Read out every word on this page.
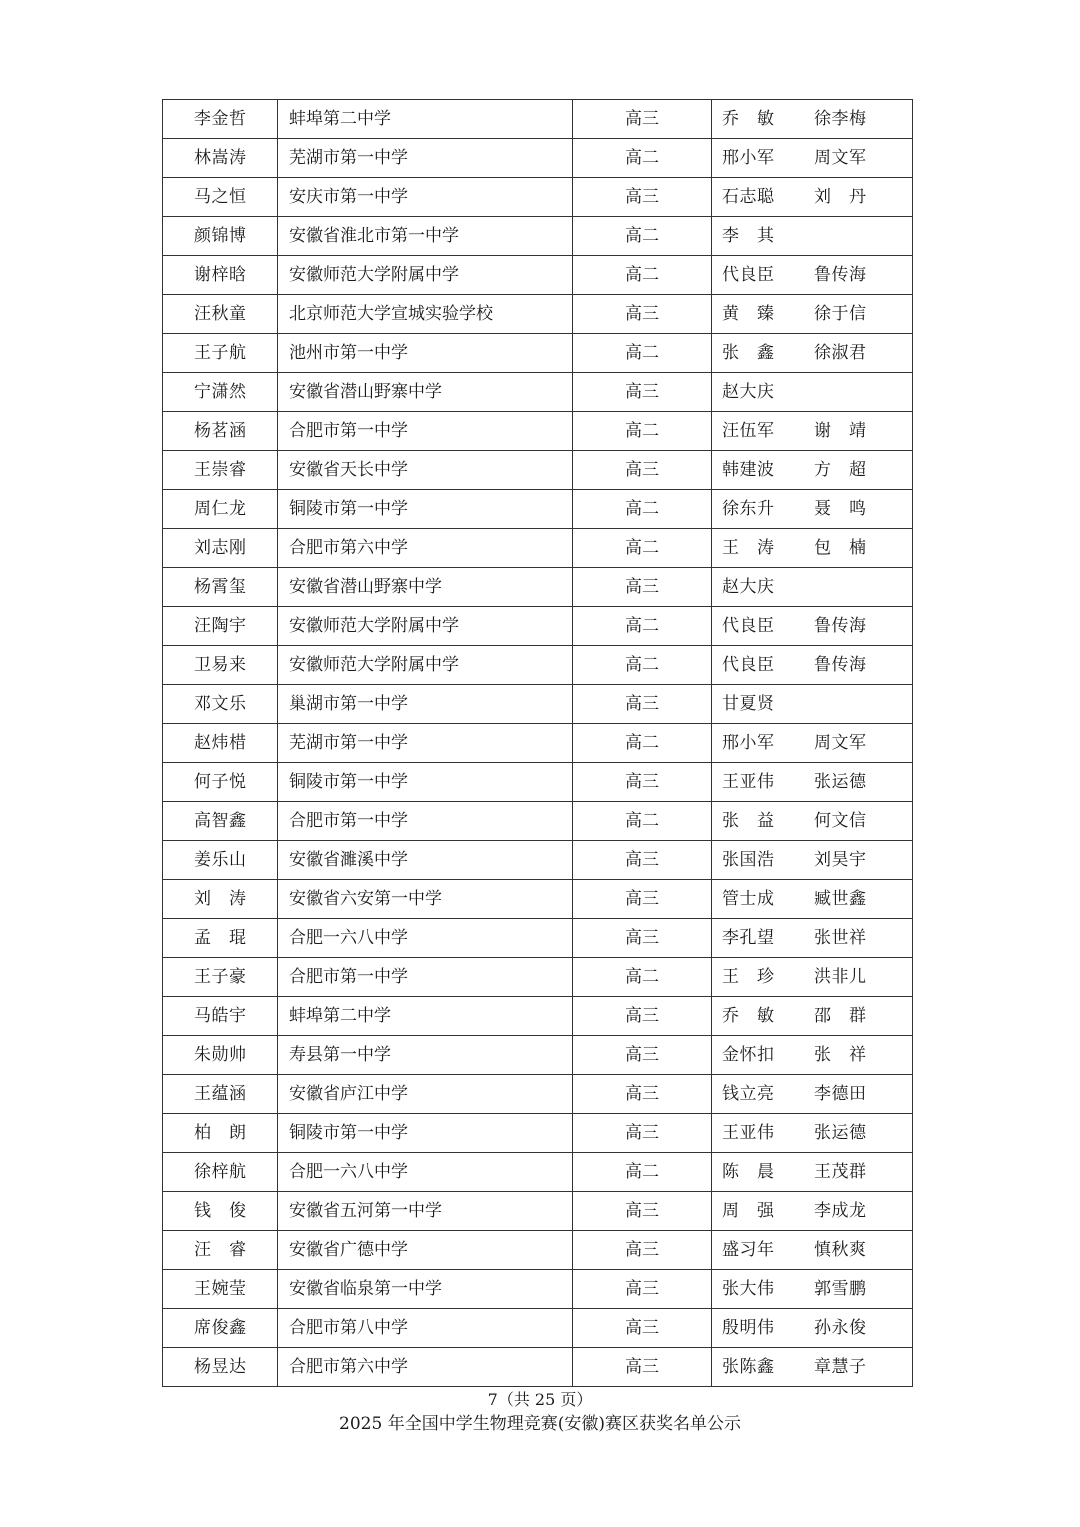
李金哲	蚌埠第二中学	高三	乔 敏 徐李梅
林嵩涛	芜湖市第一中学	高二	邢小军 周文军
马之恒	安庆市第一中学	高三	石志聪 刘 丹
颜锦博	安徽省淮北市第一中学	高二	李 其
谢梓晗	安徽师范大学附属中学	高二	代良臣 鲁传海
汪秋童	北京师范大学宣城实验学校	高三	黄 臻 徐于信
王子航	池州市第一中学	高二	张 鑫 徐淑君
宁潇然	安徽省潜山野寨中学	高三	赵大庆
杨茗涵	合肥市第一中学	高二	汪伍军 谢 靖
王崇睿	安徽省天长中学	高三	韩建波 方 超
周仁龙	铜陵市第一中学	高二	徐东升 聂 鸣
刘志刚	合肥市第六中学	高二	王 涛 包 楠
杨霄玺	安徽省潜山野寨中学	高三	赵大庆
汪陶宇	安徽师范大学附属中学	高二	代良臣 鲁传海
卫易来	安徽师范大学附属中学	高二	代良臣 鲁传海
邓文乐	巢湖市第一中学	高三	甘夏贤
赵炜棤	芜湖市第一中学	高二	邢小军 周文军
何子悦	铜陵市第一中学	高三	王亚伟 张运德
高智鑫	合肥市第一中学	高二	张 益 何文信
姜乐山	安徽省濉溪中学	高三	张国浩 刘昊宇
刘 涛	安徽省六安第一中学	高三	管士成 臧世鑫
孟 琨	合肥一六八中学	高三	李孔望 张世祥
王子豪	合肥市第一中学	高二	王 珍 洪非儿
马皓宇	蚌埠第二中学	高三	乔 敏 邵 群
朱勋帅	寿县第一中学	高三	金怀扣 张 祥
王蕴涵	安徽省庐江中学	高三	钱立亮 李德田
柏 朗	铜陵市第一中学	高三	王亚伟 张运德
徐梓航	合肥一六八中学	高二	陈 晨 王茂群
钱 俊	安徽省五河第一中学	高三	周 强 李成龙
汪 睿	安徽省广德中学	高三	盛习年 慎秋爽
王婉莹	安徽省临泉第一中学	高三	张大伟 郭雪鹏
席俊鑫	合肥市第八中学	高三	殷明伟 孙永俊
杨昱达	合肥市第六中学	高三	张陈鑫 章慧子
7（共 25 页）
2025 年全国中学生物理竞赛(安徽)赛区获奖名单公示
